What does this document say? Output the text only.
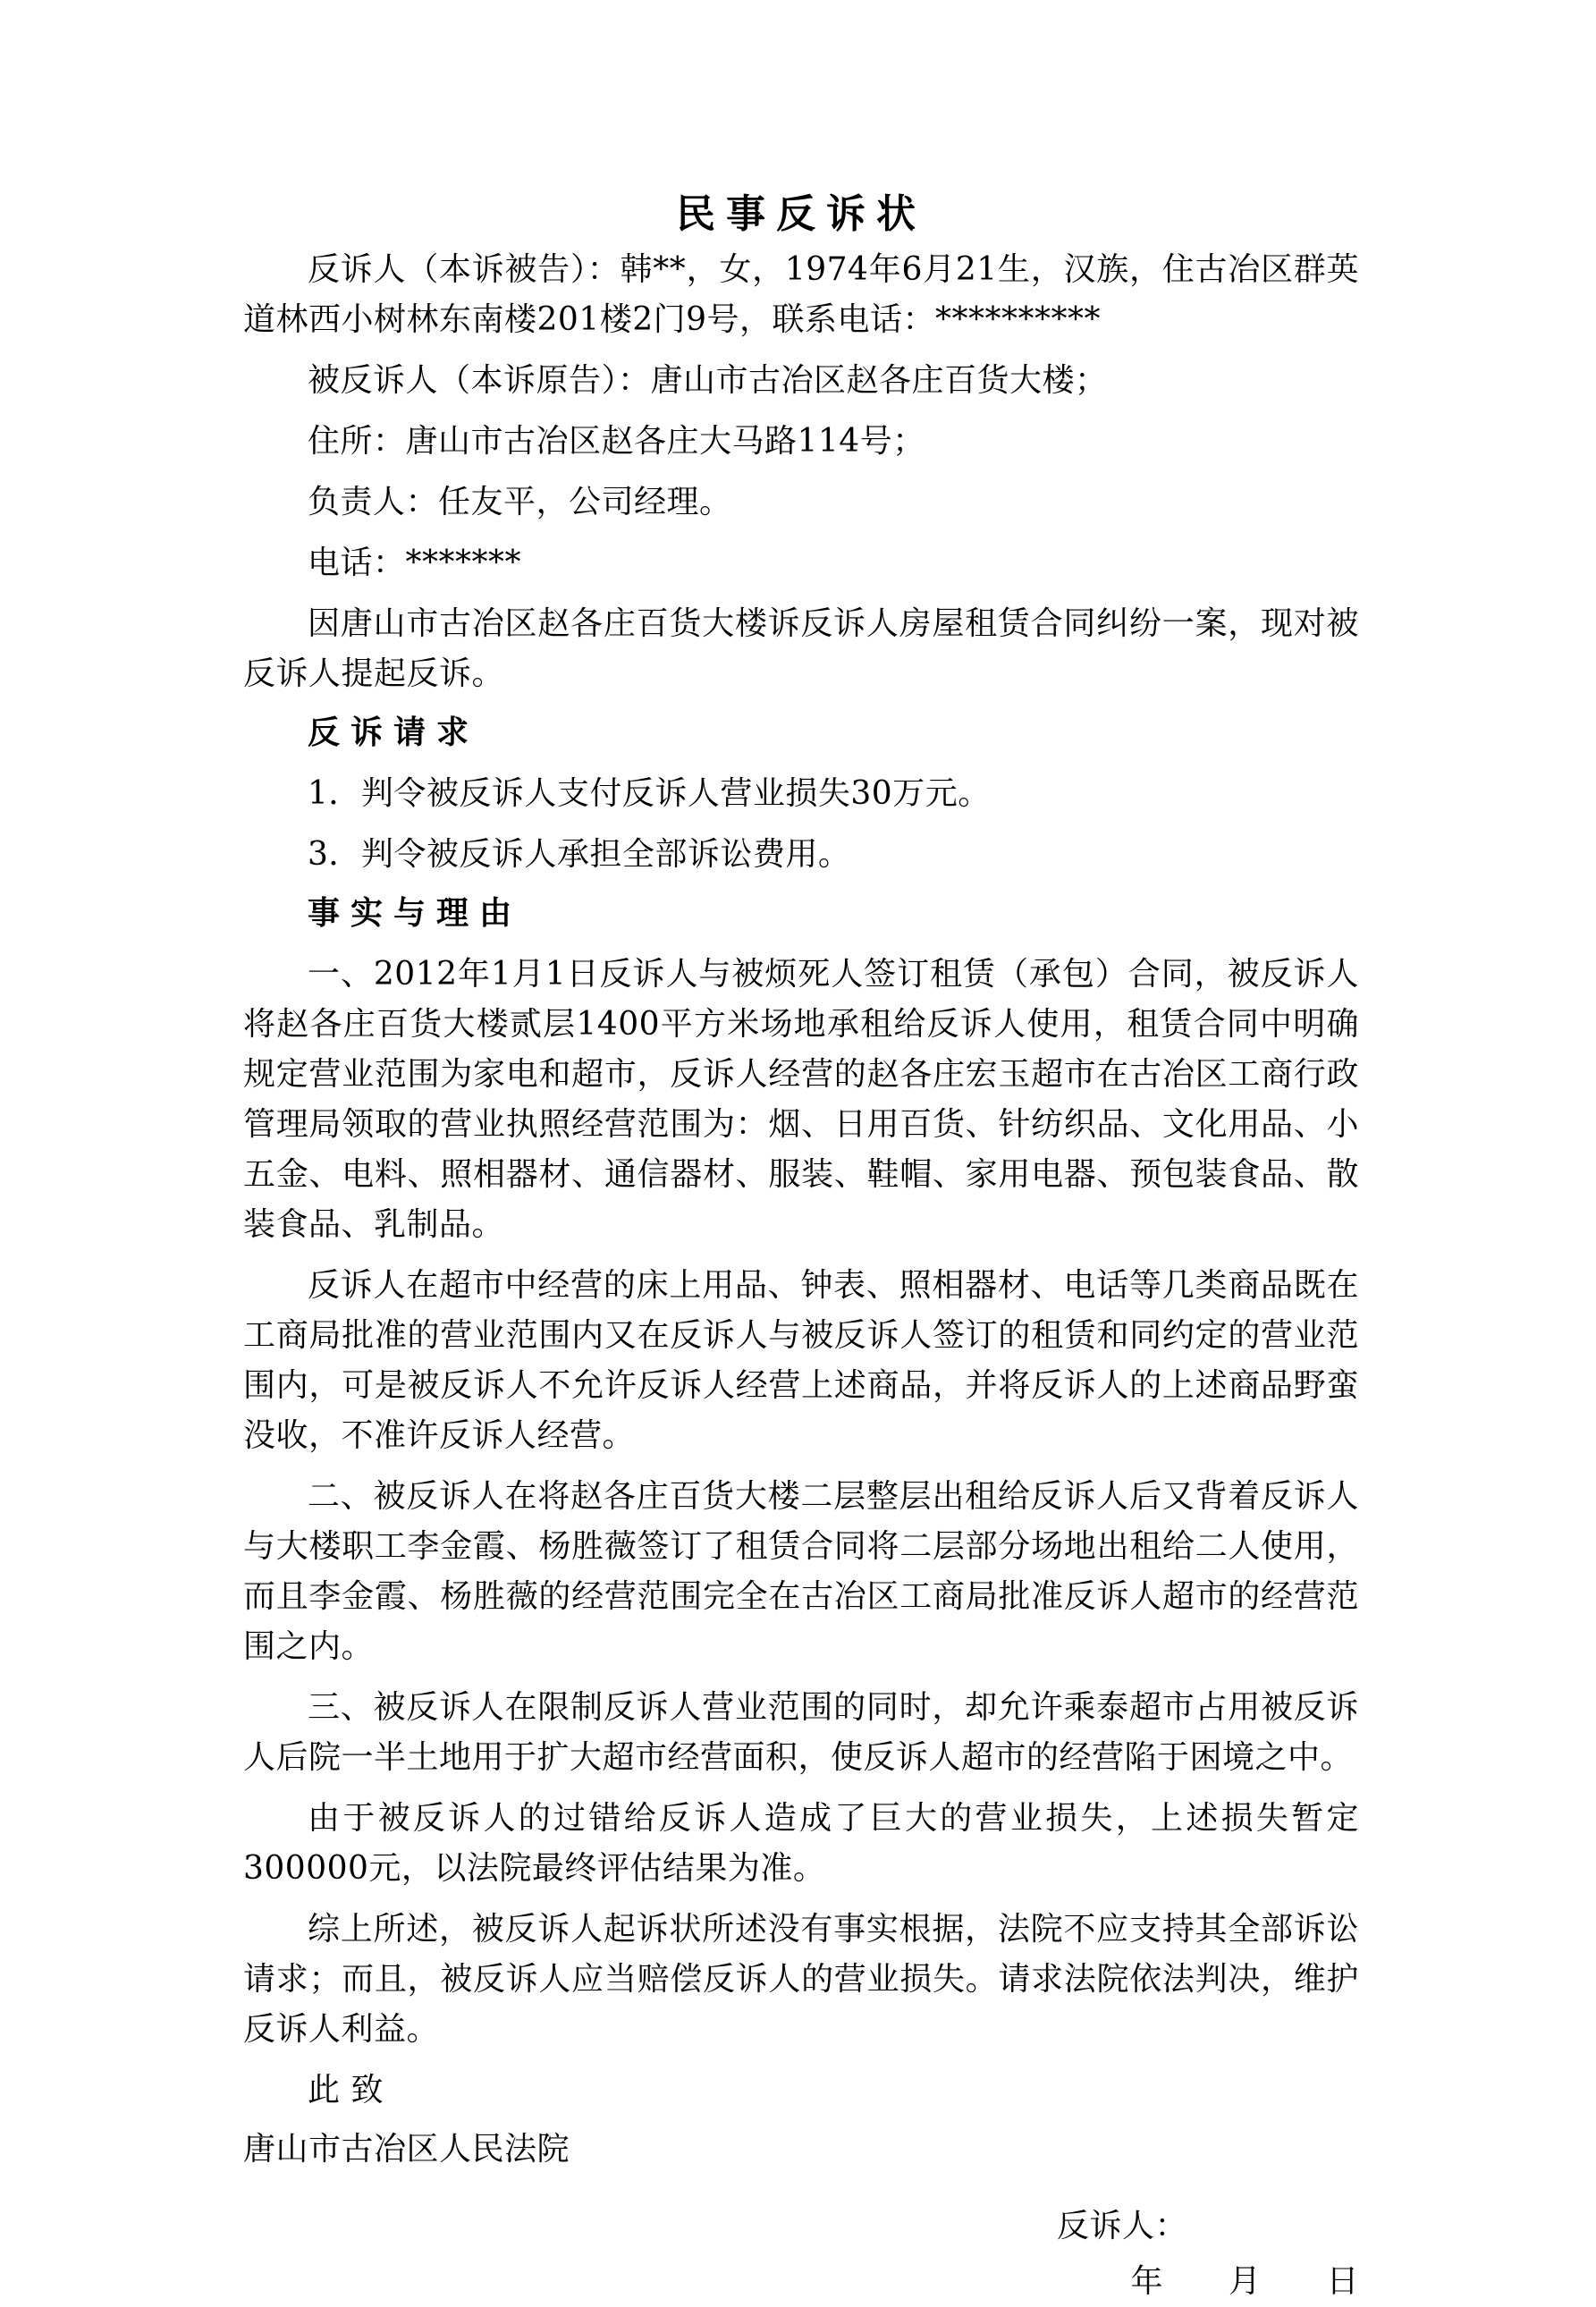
民事反诉状

反诉人（本诉被告）：韩**，女，1974年6月21生，汉族，住古冶区群英道林西小树林东南楼201楼2门9号，联系电话：**********

被反诉人（本诉原告）：唐山市古冶区赵各庄百货大楼；

住所：唐山市古冶区赵各庄大马路114号；

负责人：任友平，公司经理。

电话：*******

因唐山市古冶区赵各庄百货大楼诉反诉人房屋租赁合同纠纷一案，现对被反诉人提起反诉。

反诉请求

1．判令被反诉人支付反诉人营业损失30万元。

3．判令被反诉人承担全部诉讼费用。

事实与理由

一、2012年1月1日反诉人与被烦死人签订租赁（承包）合同，被反诉人将赵各庄百货大楼贰层1400平方米场地承租给反诉人使用，租赁合同中明确规定营业范围为家电和超市，反诉人经营的赵各庄宏玉超市在古冶区工商行政管理局领取的营业执照经营范围为：烟、日用百货、针纺织品、文化用品、小五金、电料、照相器材、通信器材、服装、鞋帽、家用电器、预包装食品、散装食品、乳制品。

反诉人在超市中经营的床上用品、钟表、照相器材、电话等几类商品既在工商局批准的营业范围内又在反诉人与被反诉人签订的租赁和同约定的营业范围内，可是被反诉人不允许反诉人经营上述商品，并将反诉人的上述商品野蛮没收，不准许反诉人经营。

二、被反诉人在将赵各庄百货大楼二层整层出租给反诉人后又背着反诉人与大楼职工李金霞、杨胜薇签订了租赁合同将二层部分场地出租给二人使用，而且李金霞、杨胜薇的经营范围完全在古冶区工商局批准反诉人超市的经营范围之内。

三、被反诉人在限制反诉人营业范围的同时，却允许乘泰超市占用被反诉人后院一半土地用于扩大超市经营面积，使反诉人超市的经营陷于困境之中。

由于被反诉人的过错给反诉人造成了巨大的营业损失，上述损失暂定300000元，以法院最终评估结果为准。

综上所述，被反诉人起诉状所述没有事实根据，法院不应支持其全部诉讼请求；而且，被反诉人应当赔偿反诉人的营业损失。请求法院依法判决，维护反诉人利益。

此 致

唐山市古冶区人民法院

反诉人：

年　　月　　日
